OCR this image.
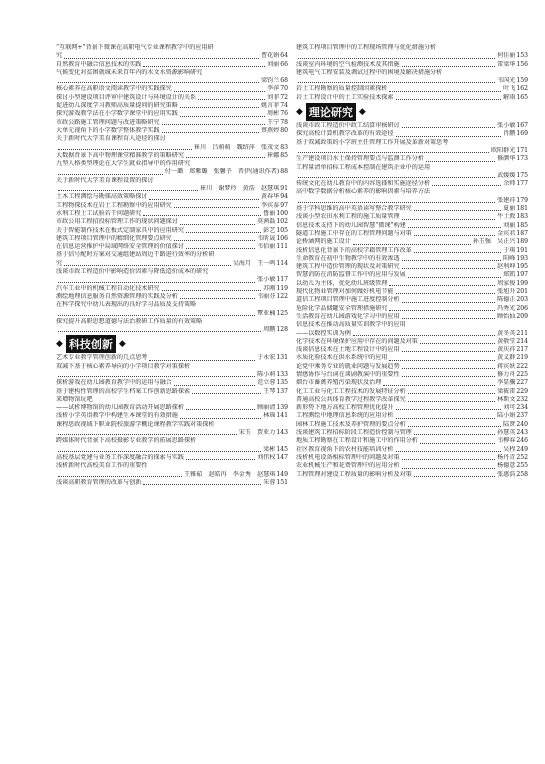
“互联网+”背景下微课在高职电气专业课程教学中的应用研
究	曹花娟 64
自然教育中融合信息技术的实践	刘丽 66
气候变化对贫困就城未来百年内的水文水资源影响研究
梁钧兰 68
核心素养在高职语文阅读教学中的实践探究	李萍 70
探讨小型建设项目评审中建筑设计与环境设计的关系	刘菲 72
促进幼儿深度学习教师高质量提问的研究策略	姚言菲 74
探究游戏教学法在小学数学课堂中的应用实践	周彬 76
市政公路施工管理问题与改进策略研究	王宁 78
大单元视角下的小学数学整体教学实践	蔡燕婷 80
关于新时代大学美育课程育人途径的探讨
崔川　吕萌萌　魏绍萍　张茂文 83
大数据背景下高中物理课堂精准教学的策略研究	崔娜 85
九型人格类型理论在大学生就业指导中的作用研究
付一璐　郑紫璐　张馨予　晋伊(通讯作者) 88
关于新时代大学美育课程设置的探讨
崔川　谢梦玲　黄浩　赵慧琪 91
土木工程测绘与勘探高效策略探讨	黄春华 94
工程物探技术在岩土工程勘察中的应用研究	李宾泰 97
水利工程土工试验若干问题研究	鲁丽 100
市政公用工程招投标管理工作的现状问题探讨	莫茜磊 102
关于智能制作技术在板式定制家具中的应用研究	彭艺 105
建筑工程项目管理中的精细化管理要点研究	韦昕晟 106
在信息运营推护中局域网络安全管理的价值探讨	韦佰丽 111
基于信号配时方案对交通组建站周边干路进行效率的分析研
究	吴海月　王一鸣 114
浅谈市政工程造价中影响造价因素与降低造价成本的研究
张小敏 117
汽车工业中的机械工程自动化技术研究	苏刚 119
测绘地理信息服务自然资源管理的实践及分析	韦丽芬 122
在科学探究中幼儿表现出的良好学习品质及支持策略
覃亚楠 125
探究提升高职思想道德与法治教研工作质量的有效策略
周鹏 128
◆ 科技创新 ◆
艺术专业教学管理创新的几点思考	于永宏 131
双减下基于核心素养导向的小学项目教学对策探析
陈小莉 133
探析游戏在幼儿园教育教学中的运用与融合	范立蓉 135
基于建构性管理的高校学生档案工作创新思路探索	王琴 137
来增物馆玩吧
——试析博物馆的幼儿园教育活动开展思路探析	顾丽清 139
浅析小学英语教学中构建生本课堂的有效措施	林瑶 141
课程思政视域下职业院校旅游学概论课程教学实践对策探析
宋玉　贾亚力 143
跨媒体时代背景下高校摄影专业教学的拓展思路探析
梁彬 145
高校基层党建与业务工作深度融合的探索与实践	刘伟权 147
浅析新时代高校美育工作的重要性
王雅茹　赵皓冉　李金秀　赵慧琪 149
浅谈高职教育管理的改革与创新	朱蓉 151
建筑工程项目管理中的工程现场管理与优化措施分析
何佳丽 153
浅谈室内环境的空气检测技术及其措施	雷梁华 156
建筑电气工程安装及调试过程中的困境及解决措施分析
韦国光 159
岩土工程勘察的质量控制因素探析	叶飞 162
岩土工程设计中的土工实验技术探索	解雨 165
◆ 理论研究 ◆
浅谈市政工程造价中政工结算审核研讨	张小敏 167
探究高校计算机教学改革的有效途径	肖鹏 169
基于双减政策的小学班主任管理工作开展及革新对策思考
欧阳群光 171
生产建设项目水土保持管理要点与监测工作分析	修颜华 173
工程量清单招标工程成本控制在建筑企业中的运用
武媛媛 175
传统文化在幼儿教育中的内容选择和实施途径分析	余师 177
高中数学数据分析核心素养的影响因素与培养方法
张建祥 179
基于学科思维的高中英语读写整合教学研究	夏丽 181
浅谈小型农田水利工程的施工质量管理	牛士敦 183
信息技术支持下的幼儿园智慧“微课”构建	刘丽 185
隧道工程施工中存在的工程管理问题与对策	金宾君 187
论桥涵网的施工设计	孙玉强　吴正兴 189
浅析信息化背景下的高校学籍管理工作改革	于琪 191
生命教育在初中生物教学中的有效渗透	阳峰 193
建筑工程中造价管理的现状及对策研究	赵利坤 195
智慧消防在消防监督工作中的应用与发展	郑凯 197
以幼儿为主体，优化幼儿班级管理	周家俊 199
现代化物业管理对加何做好机电节能	张旭升 201
道信工程项目管理中施工进度控制分析	陈德正 203
危险化学品储罐安全管理措施研究	冯秀光 206
生活教育在幼儿园游戏化学习中的应用	顾怡仙 209
信息技术在推动高质量实训教学中的应用
——以数控实训为例	黄冬英 211
化学技术在环境保护应用中存在的问题及对策	黄敬堂 214
浅谈信息技术在土地工程设计中的应用	黄庆祥 217
水质化验技术在供水系统中的应用	黄义群 219
论党中乘务专业的就业问题与发展趋势	蒋宾妖 222
情感协作与台词在谈剧教演中的重要性	修力舟 225
烟台市畜禽养殖污染现状及治理	李显骥 227
化工工业与化工工程技术的发展特征分析	梁筱雷 229
普通高校公共体育教学过程教学改革探究	林斯文 232
新形势下地方高校工程管理优化提升	刘可 234
工程测绘中地理信息系统的应用分析	陆小娟 237
园林工程施工技术及养护管理的要点分析	陆贤 240
浅谈建筑工程招标阶段工程造价控制与管理	孙慧英 243
地质工程勘察在工程设计和施工中的作用分析	韦柳春 246
社区教育视角下的农村技能培训分析	吴程 249
浅析机电设备相标管理中的问题及对策	杨丹青 252
农业机械生产和花费管理中的应用分析	杨德意 255
工程管理对建设工程质量的影响分析及对策	张惠浩 258
